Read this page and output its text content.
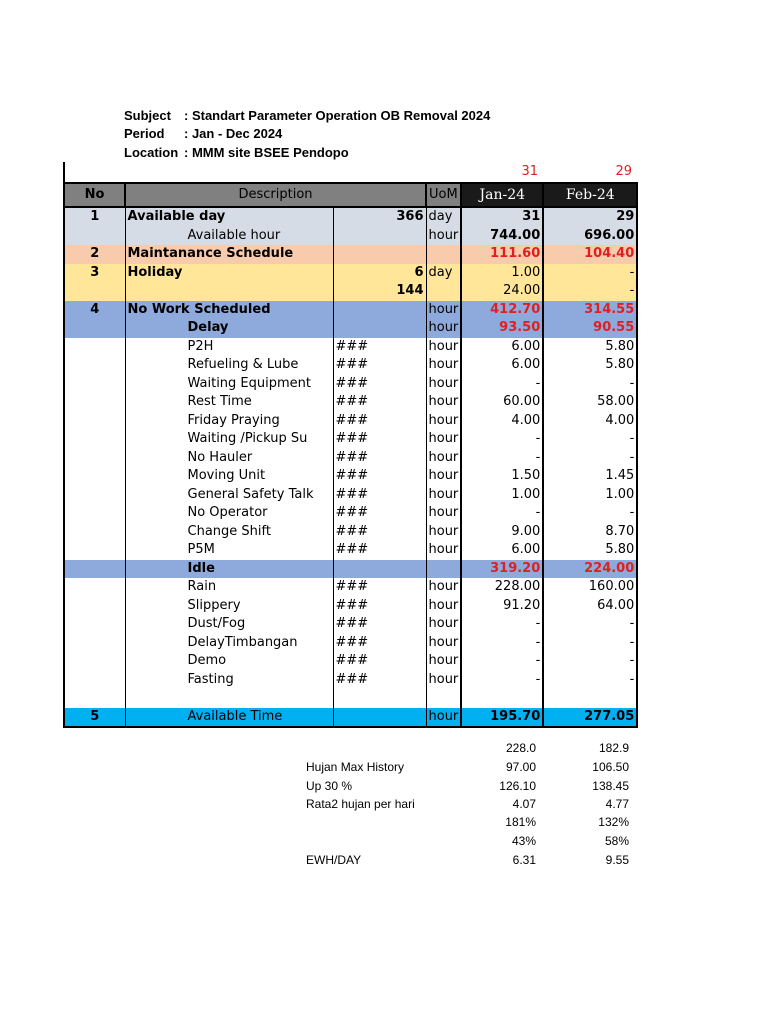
Subject : Standart Parameter Operation OB Removal 2024
Period : Jan - Dec 2024
Location : MMM site BSEE Pendopo
31	29
No	Description		UoM	Jan-24	Feb-24
1	Available day	366	day	31	29
	Available hour		hour	744.00	696.00
2	Maintanance Schedule			111.60	104.40
3	Holiday	6	day	1.00	-
		144		24.00	-
4	No Work Scheduled		hour	412.70	314.55
	Delay		hour	93.50	90.55
	P2H	###	hour	6.00	5.80
	Refueling & Lube	###	hour	6.00	5.80
	Waiting Equipment	###	hour	-	-
	Rest Time	###	hour	60.00	58.00
	Friday Praying	###	hour	4.00	4.00
	Waiting /Pickup Su	###	hour	-	-
	No Hauler	###	hour	-	-
	Moving Unit	###	hour	1.50	1.45
	General Safety Talk	###	hour	1.00	1.00
	No Operator	###	hour	-	-
	Change Shift	###	hour	9.00	8.70
	P5M	###	hour	6.00	5.80
	Idle			319.20	224.00
	Rain	###	hour	228.00	160.00
	Slippery	###	hour	91.20	64.00
	Dust/Fog	###	hour	-	-
	DelayTimbangan	###	hour	-	-
	Demo	###	hour	-	-
	Fasting	###	hour	-	-

5	Available Time		hour	195.70	277.05
228.0	182.9
Hujan Max History	97.00	106.50
Up 30 %	126.10	138.45
Rata2 hujan per hari	4.07	4.77
181%	132%
43%	58%
EWH/DAY	6.31	9.55
